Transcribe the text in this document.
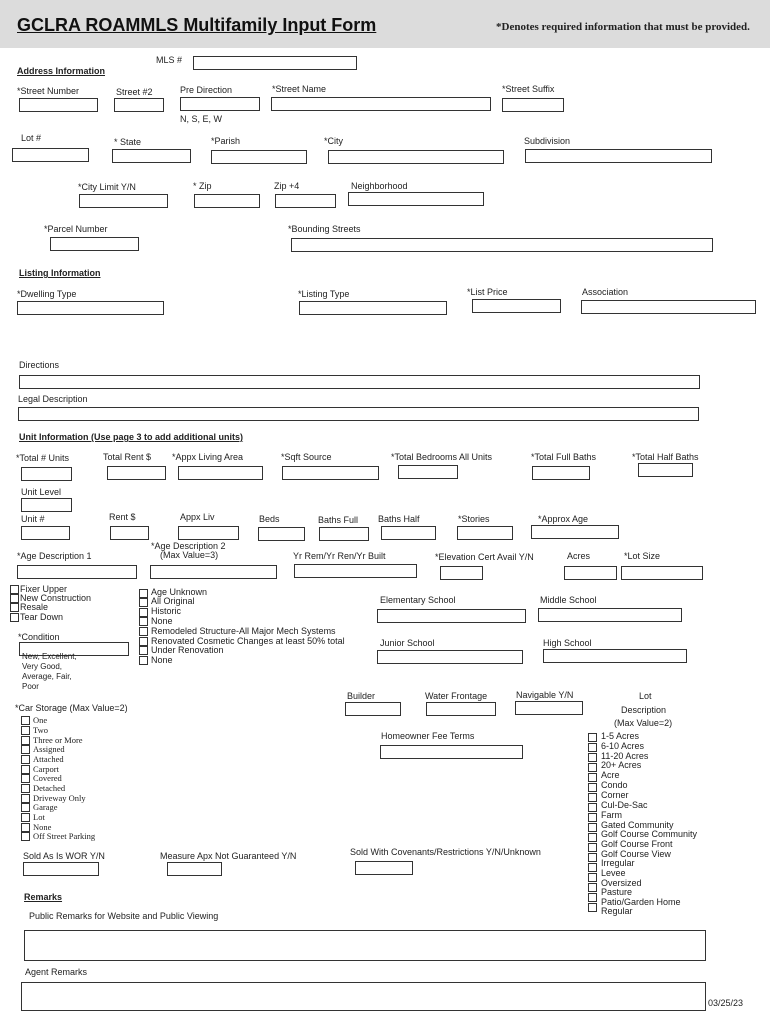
GCLRA ROAMMLS Multifamily Input Form	*Denotes required information that must be provided.
MLS #
Address Information
*Street Number	Street #2	Pre Direction	*Street Name	*Street Suffix
N, S, E, W
Lot #	* State	*Parish	*City	Subdivision
*City Limit Y/N	* Zip	Zip +4	Neighborhood
*Parcel Number	*Bounding Streets
Listing Information
*Dwelling Type	*Listing Type	*List Price	Association
Directions
Legal Description
Unit Information (Use page 3 to add additional units)
*Total # Units	Total Rent $ *Appx Living Area	*Sqft Source	*Total Bedrooms All Units	*Total Full Baths	*Total Half Baths
Unit Level
Unit #	Rent $	Appx Liv	Beds	Baths Full Baths Half	*Stories	*Approx Age
*Age Description 1
*Age Description 2
(Max Value=3)	Yr Rem/Yr Ren/Yr Built	*Elevation Cert Avail Y/N	Acres	*Lot Size
Fixer Upper
New Construction
Resale
Tear Down
Age Unknown
All Original
Historic
None
Remodeled Structure-All Major Mech Systems
Renovated Cosmetic Changes at least 50% total
Under Renovation
None
*Condition
New, Excellent,
Very Good,
Average, Fair,
Poor
Elementary School	Middle School
Junior School	High School
Builder	Water Frontage	Navigable Y/N	Lot
Description
(Max Value=2)
*Car Storage (Max Value=2)
One
Two
Three or More
Assigned
Attached
Carport
Covered
Detached
Driveway Only
Garage
Lot
None
Off Street Parking
Homeowner Fee Terms	1-5 Acres
6-10 Acres
11-20 Acres
20+ Acres
Acre
Condo
Corner
Cul-De-Sac
Farm
Gated Community
Golf Course Community
Golf Course Front
Golf Course View
Irregular
Levee
Oversized
Pasture
Patio/Garden Home
Regular
Sold As Is WOR Y/N	Measure Apx Not Guaranteed Y/N	Sold With Covenants/Restrictions Y/N/Unknown
Remarks
Public Remarks for Website and Public Viewing
Agent Remarks
03/25/23
